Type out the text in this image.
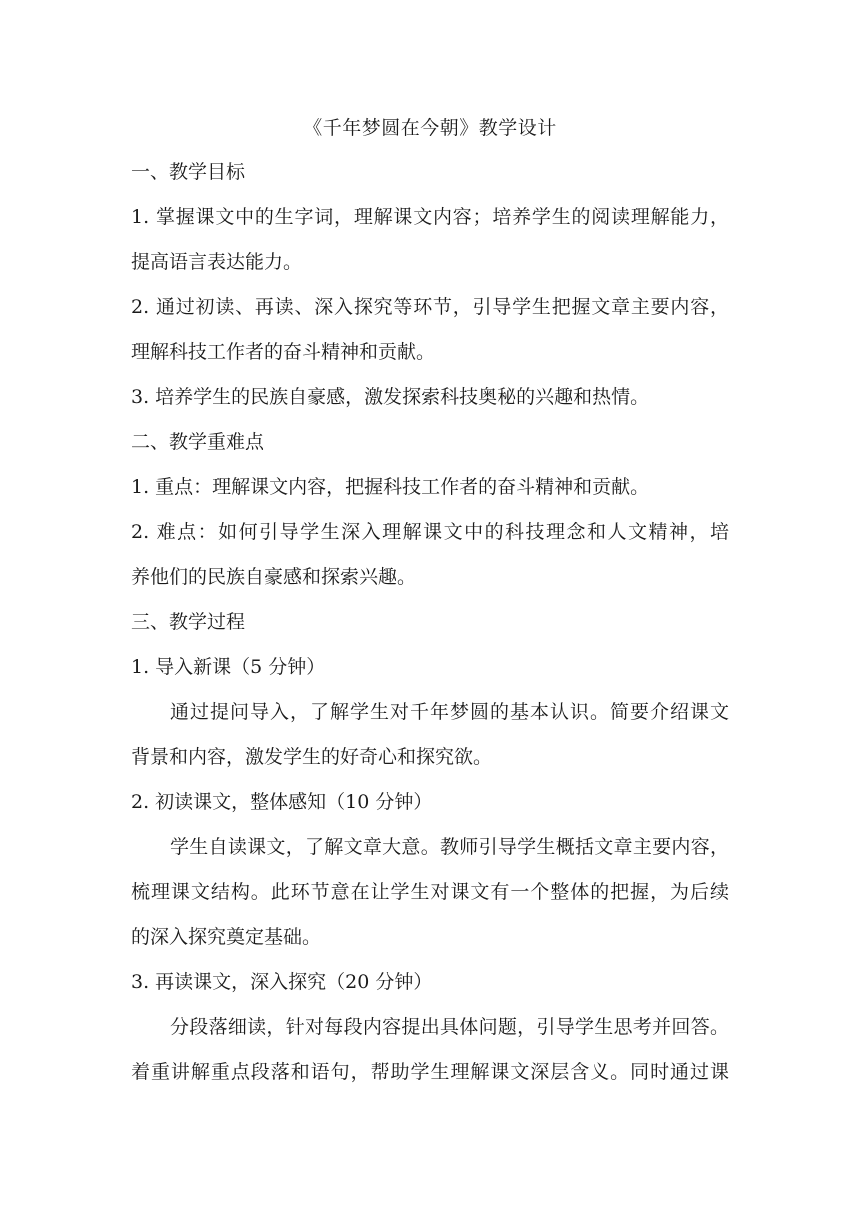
《千年梦圆在今朝》教学设计
一、教学目标
1. 掌握课文中的生字词，理解课文内容；培养学生的阅读理解能力，
提高语言表达能力。
2. 通过初读、再读、深入探究等环节，引导学生把握文章主要内容，
理解科技工作者的奋斗精神和贡献。
3. 培养学生的民族自豪感，激发探索科技奥秘的兴趣和热情。
二、教学重难点
1. 重点：理解课文内容，把握科技工作者的奋斗精神和贡献。
2. 难点：如何引导学生深入理解课文中的科技理念和人文精神，培
养他们的民族自豪感和探索兴趣。
三、教学过程
1. 导入新课（5 分钟）
通过提问导入，了解学生对千年梦圆的基本认识。简要介绍课文
背景和内容，激发学生的好奇心和探究欲。
2. 初读课文，整体感知（10 分钟）
学生自读课文，了解文章大意。教师引导学生概括文章主要内容，
梳理课文结构。此环节意在让学生对课文有一个整体的把握，为后续
的深入探究奠定基础。
3. 再读课文，深入探究（20 分钟）
分段落细读，针对每段内容提出具体问题，引导学生思考并回答。
着重讲解重点段落和语句，帮助学生理解课文深层含义。同时通过课
